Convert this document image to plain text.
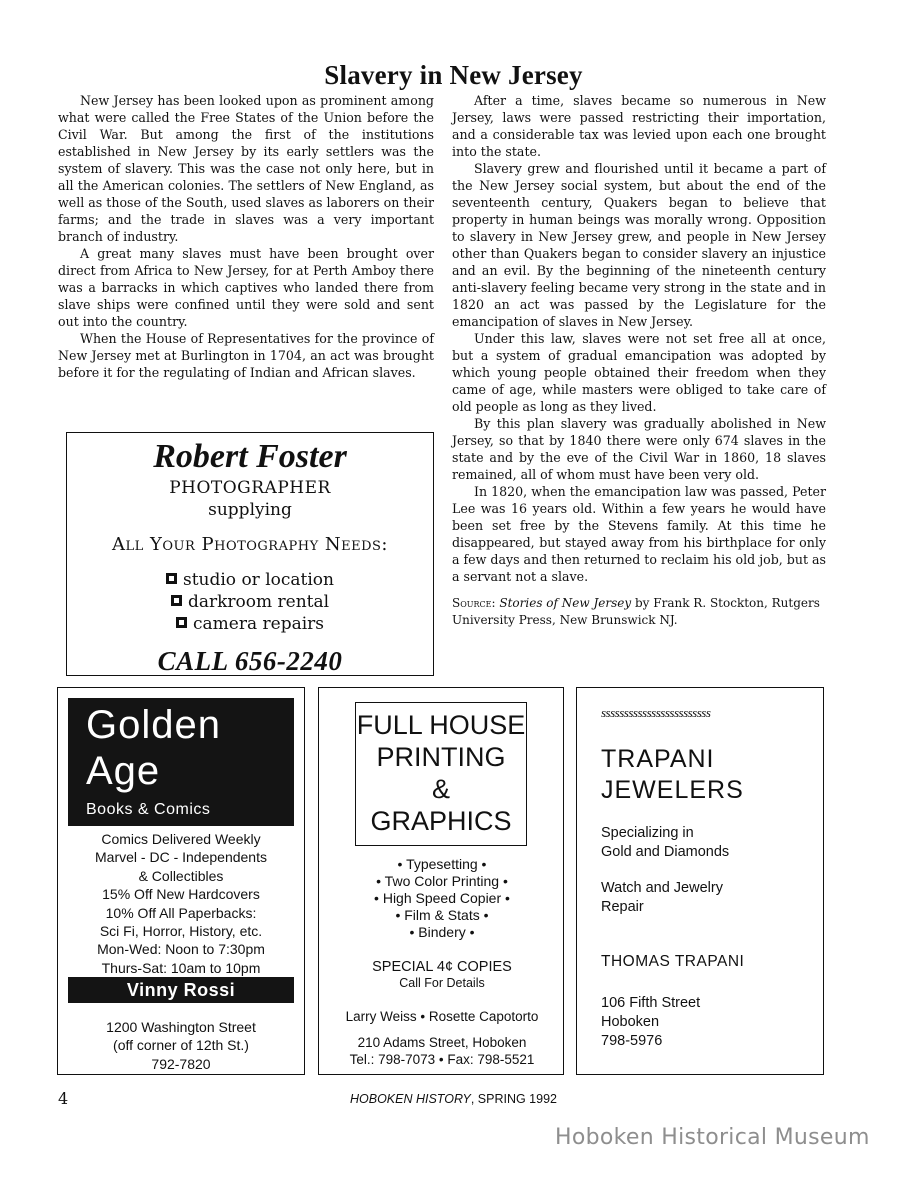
Slavery in New Jersey

New Jersey has been looked upon as prominent among what were called the Free States of the Union before the Civil War. But among the first of the institutions established in New Jersey by its early settlers was the system of slavery. This was the case not only here, but in all the American colonies. The settlers of New England, as well as those of the South, used slaves as laborers on their farms; and the trade in slaves was a very important branch of industry.

A great many slaves must have been brought over direct from Africa to New Jersey, for at Perth Amboy there was a barracks in which captives who landed there from slave ships were confined until they were sold and sent out into the country.

When the House of Representatives for the province of New Jersey met at Burlington in 1704, an act was brought before it for the regulating of Indian and African slaves.

After a time, slaves became so numerous in New Jersey, laws were passed restricting their importation, and a considerable tax was levied upon each one brought into the state.

Slavery grew and flourished until it became a part of the New Jersey social system, but about the end of the seventeenth century, Quakers began to believe that property in human beings was morally wrong. Opposition to slavery in New Jersey grew, and people in New Jersey other than Quakers began to consider slavery an injustice and an evil. By the beginning of the nineteenth century anti-slavery feeling became very strong in the state and in 1820 an act was passed by the Legislature for the emancipation of slaves in New Jersey.

Under this law, slaves were not set free all at once, but a system of gradual emancipation was adopted by which young people obtained their freedom when they came of age, while masters were obliged to take care of old people as long as they lived.

By this plan slavery was gradually abolished in New Jersey, so that by 1840 there were only 674 slaves in the state and by the eve of the Civil War in 1860, 18 slaves remained, all of whom must have been very old.

In 1820, when the emancipation law was passed, Peter Lee was 16 years old. Within a few years he would have been set free by the Stevens family. At this time he disappeared, but stayed away from his birthplace for only a few days and then returned to reclaim his old job, but as a servant not a slave.

Source: Stories of New Jersey by Frank R. Stockton, Rutgers University Press, New Brunswick NJ.

Robert Foster
PHOTOGRAPHER
supplying
All Your Photography Needs:
studio or location
darkroom rental
camera repairs
CALL 656-2240
Golden
Age
Books & Comics
Comics Delivered Weekly
Marvel - DC - Independents
& Collectibles
15% Off New Hardcovers
10% Off All Paperbacks:
Sci Fi, Horror, History, etc.
Mon-Wed: Noon to 7:30pm
Thurs-Sat: 10am to 10pm
Vinny Rossi
1200 Washington Street
(off corner of 12th St.)
792-7820
FULL HOUSE
PRINTING
&
GRAPHICS
• Typesetting •
• Two Color Printing •
• High Speed Copier •
• Film & Stats •
• Bindery •
SPECIAL 4¢ COPIES
Call For Details
Larry Weiss • Rosette Capotorto
210 Adams Street, Hoboken
Tel.: 798-7073 • Fax: 798-5521
ssssssssssssssssssssssss
TRAPANI
JEWELERS
Specializing in
Gold and Diamonds
Watch and Jewelry
Repair
THOMAS TRAPANI
106 Fifth Street
Hoboken
798-5976
4	HOBOKEN HISTORY, SPRING 1992
Hoboken Historical Museum
